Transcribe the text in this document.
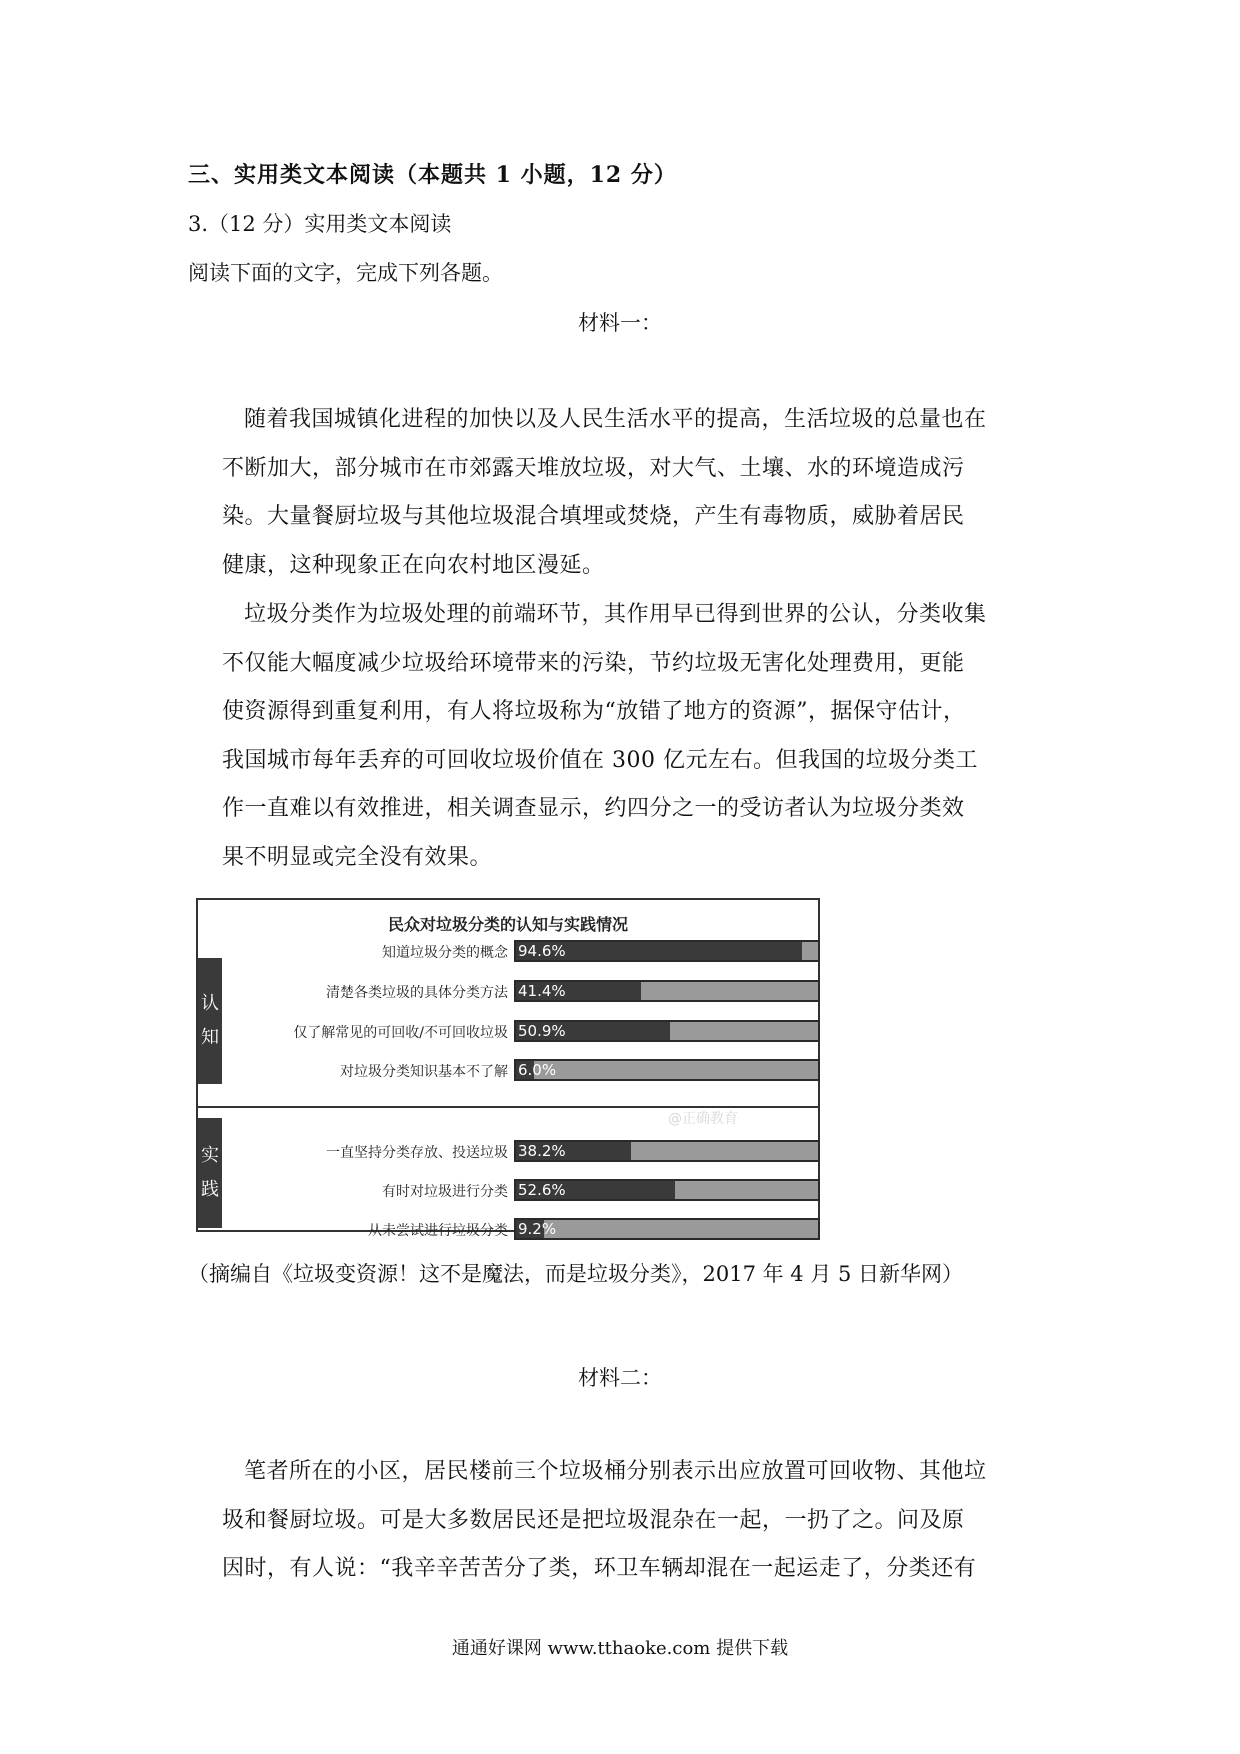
三、实用类文本阅读（本题共 1 小题，12 分）
3.（12 分）实用类文本阅读
阅读下面的文字，完成下列各题。
材料一：
随着我国城镇化进程的加快以及人民生活水平的提高，生活垃圾的总量也在
不断加大，部分城市在市郊露天堆放垃圾，对大气、土壤、水的环境造成污
染。大量餐厨垃圾与其他垃圾混合填埋或焚烧，产生有毒物质，威胁着居民
健康，这种现象正在向农村地区漫延。
垃圾分类作为垃圾处理的前端环节，其作用早已得到世界的公认，分类收集
不仅能大幅度减少垃圾给环境带来的污染，节约垃圾无害化处理费用，更能
使资源得到重复利用，有人将垃圾称为“放错了地方的资源”，据保守估计，
我国城市每年丢弃的可回收垃圾价值在 300 亿元左右。但我国的垃圾分类工
作一直难以有效推进，相关调查显示，约四分之一的受访者认为垃圾分类效
果不明显或完全没有效果。
民众对垃圾分类的认知与实践情况
@正确教育
认
知
知道垃圾分类的概念 94.6%
清楚各类垃圾的具体分类方法 41.4%
仅了解常见的可回收/不可回收垃圾 50.9%
对垃圾分类知识基本不了解 6.0%
实
践
一直坚持分类存放、投送垃圾 38.2%
有时对垃圾进行分类 52.6%
从未尝试进行垃圾分类 9.2%
（摘编自《垃圾变资源！这不是魔法，而是垃圾分类》，2017 年 4 月 5 日新华网）
材料二：
笔者所在的小区，居民楼前三个垃圾桶分别表示出应放置可回收物、其他垃
圾和餐厨垃圾。可是大多数居民还是把垃圾混杂在一起，一扔了之。问及原
因时，有人说：“我辛辛苦苦分了类，环卫车辆却混在一起运走了，分类还有
通通好课网 www.tthaoke.com 提供下载
